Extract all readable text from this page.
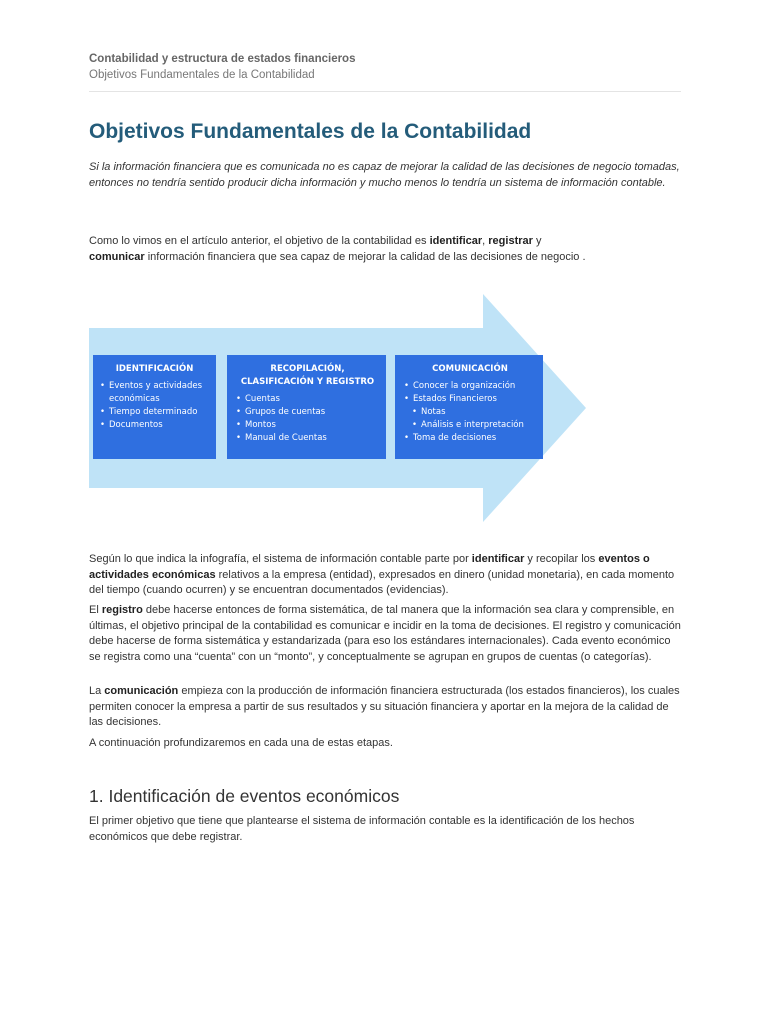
Contabilidad y estructura de estados financieros
Objetivos Fundamentales de la Contabilidad
Objetivos Fundamentales de la Contabilidad

Si la información financiera que es comunicada no es capaz de mejorar la calidad de las decisiones de negocio tomadas, entonces no tendría sentido producir dicha información y mucho menos lo tendría un sistema de información contable.

Como lo vimos en el artículo anterior, el objetivo de la contabilidad es identificar, registrar y
comunicar información financiera que sea capaz de mejorar la calidad de las decisiones de negocio .

IDENTIFICACIÓN
• Eventos y actividades
económicas
• Tiempo determinado
• Documentos
RECOPILACIÓN,
CLASIFICACIÓN Y REGISTRO
• Cuentas
• Grupos de cuentas
• Montos
• Manual de Cuentas
COMUNICACIÓN
• Conocer la organización
• Estados Financieros
• Notas
• Análisis e interpretación
• Toma de decisiones

Según lo que indica la infografía, el sistema de información contable parte por identificar y recopilar los eventos o actividades económicas relativos a la empresa (entidad), expresados en dinero (unidad monetaria), en cada momento del tiempo (cuando ocurren) y se encuentran documentados (evidencias).

El registro debe hacerse entonces de forma sistemática, de tal manera que la información sea clara y comprensible, en últimas, el objetivo principal de la contabilidad es comunicar e incidir en la toma de decisiones. El registro y comunicación debe hacerse de forma sistemática y estandarizada (para eso los estándares internacionales). Cada evento económico se registra como una “cuenta” con un “monto”, y conceptualmente se agrupan en grupos de cuentas (o categorías).

La comunicación empieza con la producción de información financiera estructurada (los estados financieros), los cuales permiten conocer la empresa a partir de sus resultados y su situación financiera y aportar en la mejora de la calidad de las decisiones.

A continuación profundizaremos en cada una de estas etapas.

1. Identificación de eventos económicos

El primer objetivo que tiene que plantearse el sistema de información contable es la identificación de los hechos económicos que debe registrar.
